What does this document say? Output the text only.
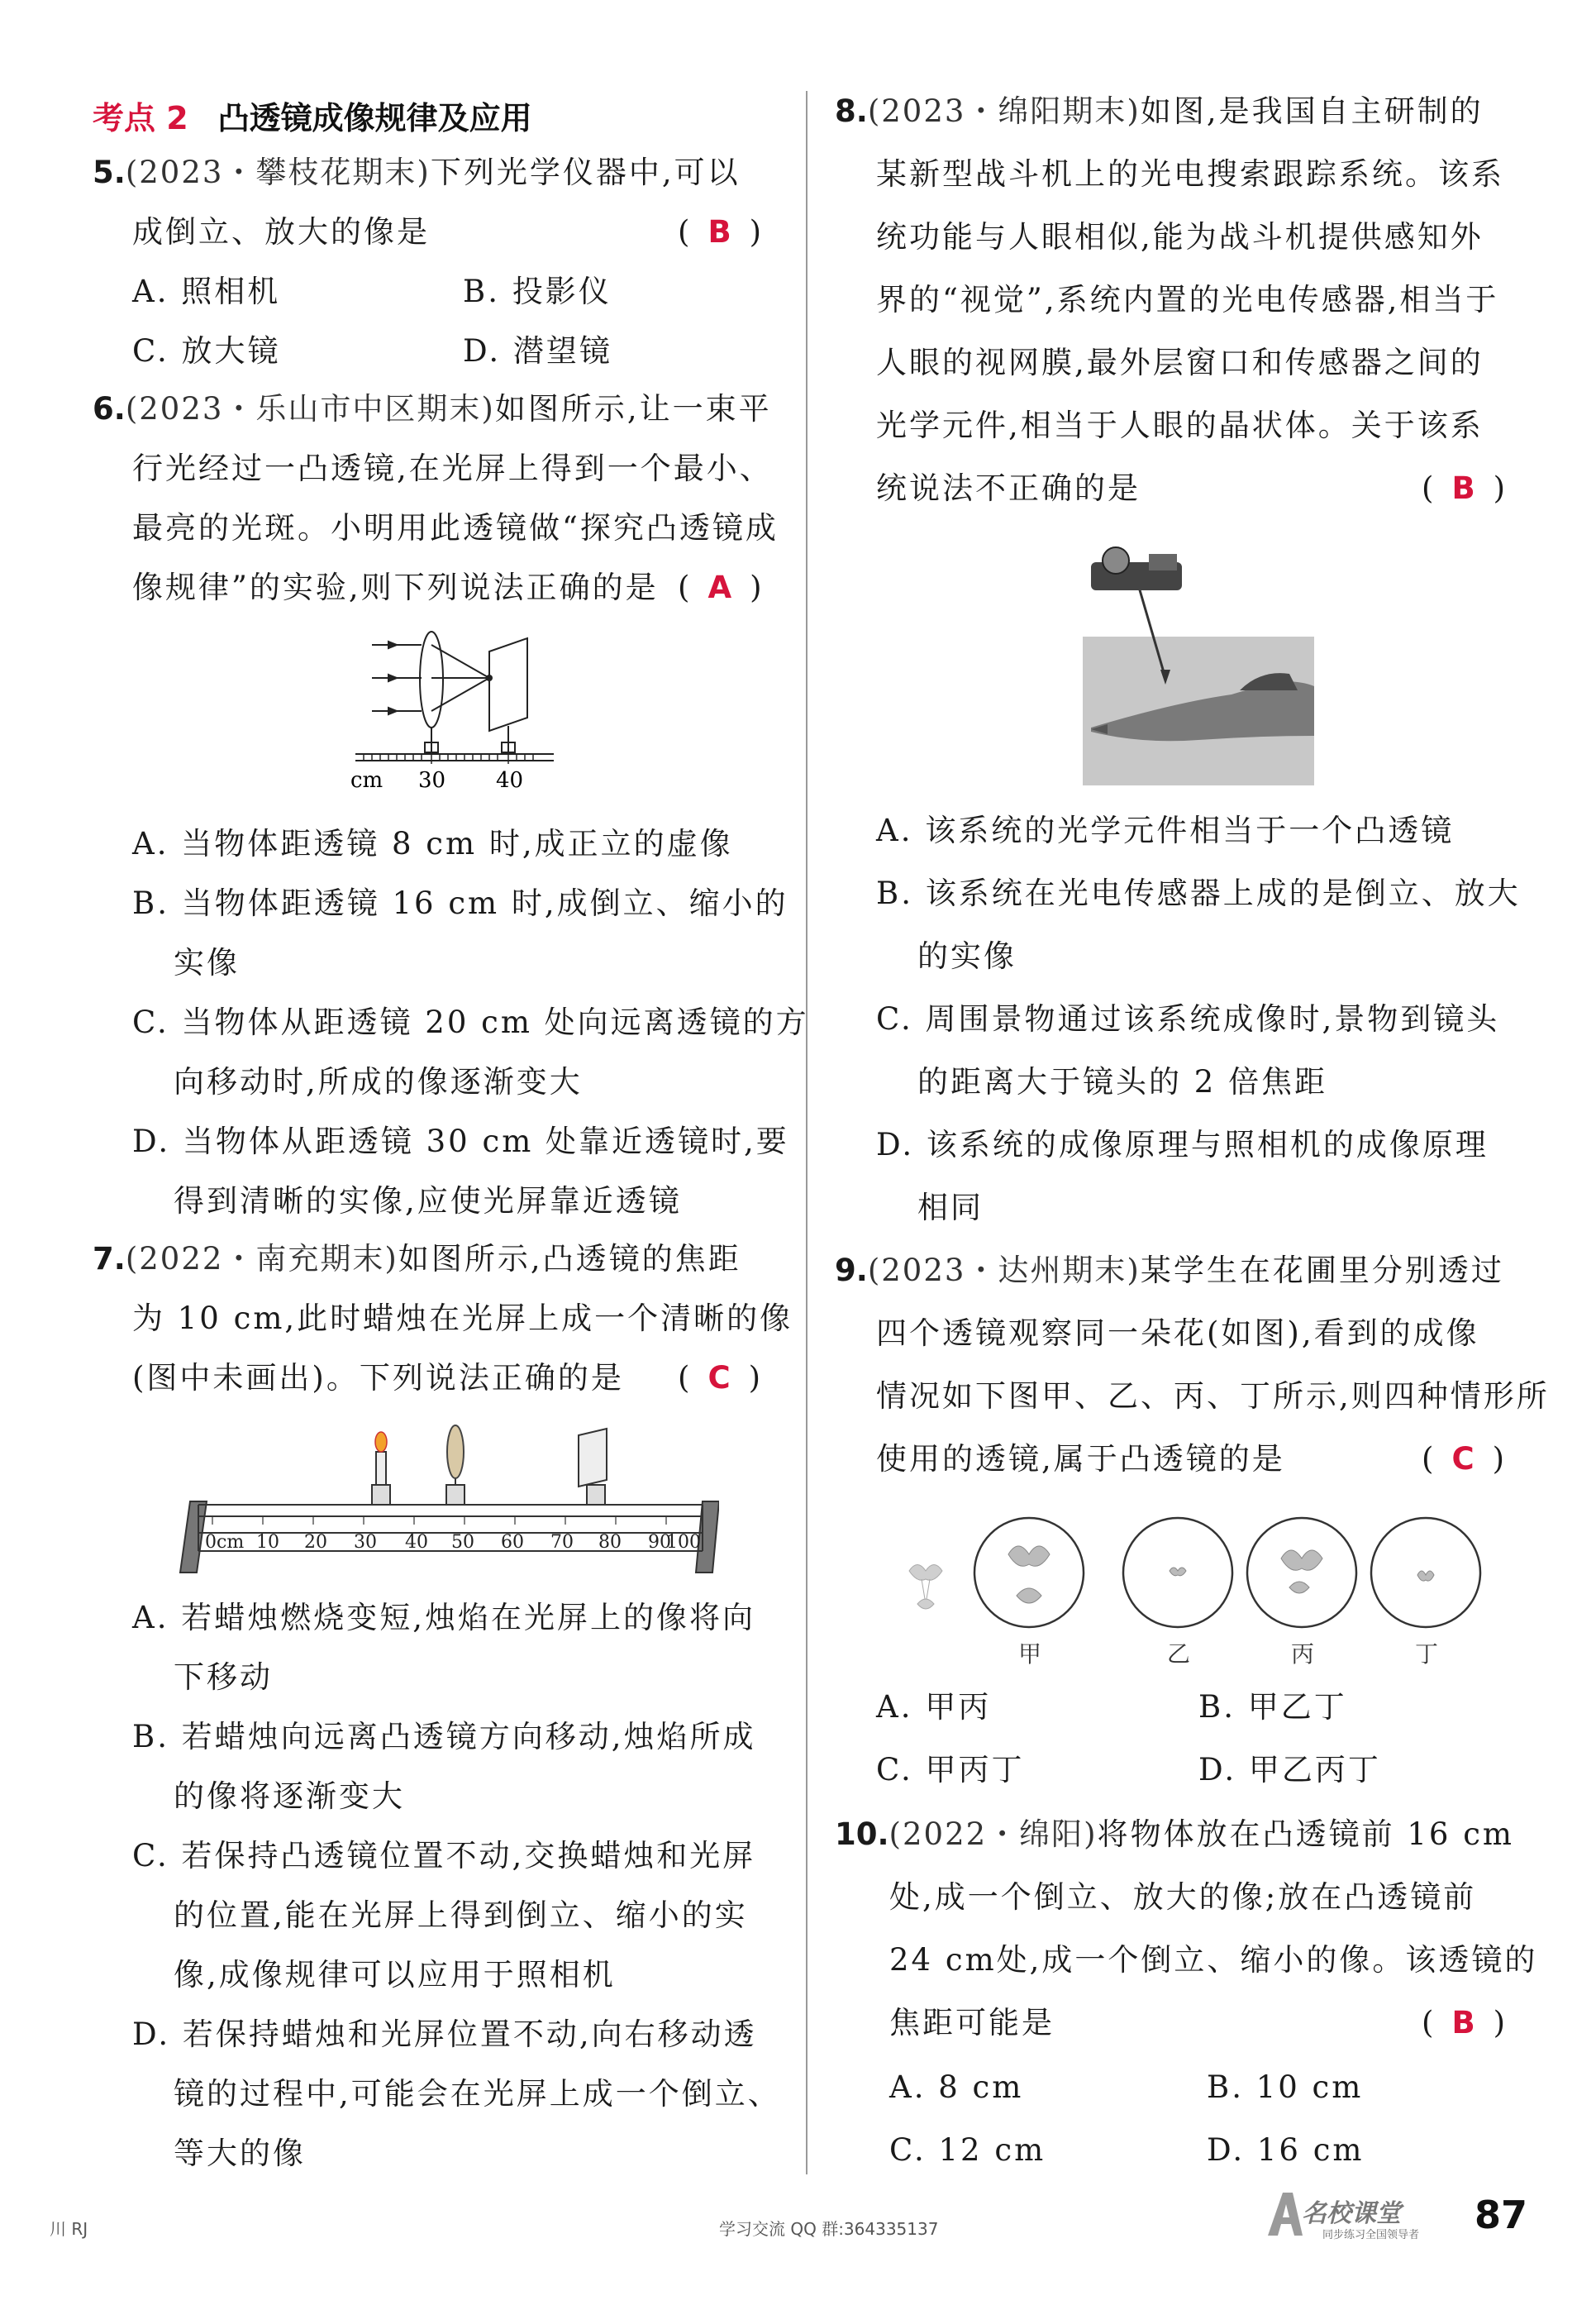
考点 2 凸透镜成像规律及应用
5.(2023・攀枝花期末)下列光学仪器中,可以
成倒立、放大的像是	( B )
A. 照相机	B. 投影仪
C. 放大镜	D. 潜望镜
6.(2023・乐山市中区期末)如图所示,让一束平
行光经过一凸透镜,在光屏上得到一个最小、
最亮的光斑。小明用此透镜做“探究凸透镜成
像规律”的实验,则下列说法正确的是 ( A )
cm 30 40
A. 当物体距透镜 8 cm 时,成正立的虚像
B. 当物体距透镜 16 cm 时,成倒立、缩小的
实像
C. 当物体从距透镜 20 cm 处向远离透镜的方
向移动时,所成的像逐渐变大
D. 当物体从距透镜 30 cm 处靠近透镜时,要
得到清晰的实像,应使光屏靠近透镜
7.(2022・南充期末)如图所示,凸透镜的焦距
为 10 cm,此时蜡烛在光屏上成一个清晰的像
(图中未画出)。下列说法正确的是 ( C )
0cm 10 20 30 40 50 60 70 80 90
100
A. 若蜡烛燃烧变短,烛焰在光屏上的像将向
下移动
B. 若蜡烛向远离凸透镜方向移动,烛焰所成
的像将逐渐变大
C. 若保持凸透镜位置不动,交换蜡烛和光屏
的位置,能在光屏上得到倒立、缩小的实
像,成像规律可以应用于照相机
D. 若保持蜡烛和光屏位置不动,向右移动透
镜的过程中,可能会在光屏上成一个倒立、
等大的像
8.(2023・绵阳期末)如图,是我国自主研制的
某新型战斗机上的光电搜索跟踪系统。该系
统功能与人眼相似,能为战斗机提供感知外
界的“视觉”,系统内置的光电传感器,相当于
人眼的视网膜,最外层窗口和传感器之间的
光学元件,相当于人眼的晶状体。关于该系
统说法不正确的是	( B )
A. 该系统的光学元件相当于一个凸透镜
B. 该系统在光电传感器上成的是倒立、放大
的实像
C. 周围景物通过该系统成像时,景物到镜头
的距离大于镜头的 2 倍焦距
D. 该系统的成像原理与照相机的成像原理
相同
9.(2023・达州期末)某学生在花圃里分别透过
四个透镜观察同一朵花(如图),看到的成像
情况如下图甲、乙、丙、丁所示,则四种情形所
使用的透镜,属于凸透镜的是	( C )
甲	乙	丙	丁
A. 甲丙	B. 甲乙丁
C. 甲丙丁	D. 甲乙丙丁
10.(2022・绵阳)将物体放在凸透镜前 16 cm
处,成一个倒立、放大的像;放在凸透镜前
24 cm处,成一个倒立、缩小的像。该透镜的
焦距可能是	( B )
A. 8 cm	B. 10 cm
C. 12 cm	D. 16 cm
川 RJ	学习交流 QQ 群:364335137
名校课堂
同步练习全国领导者 87
